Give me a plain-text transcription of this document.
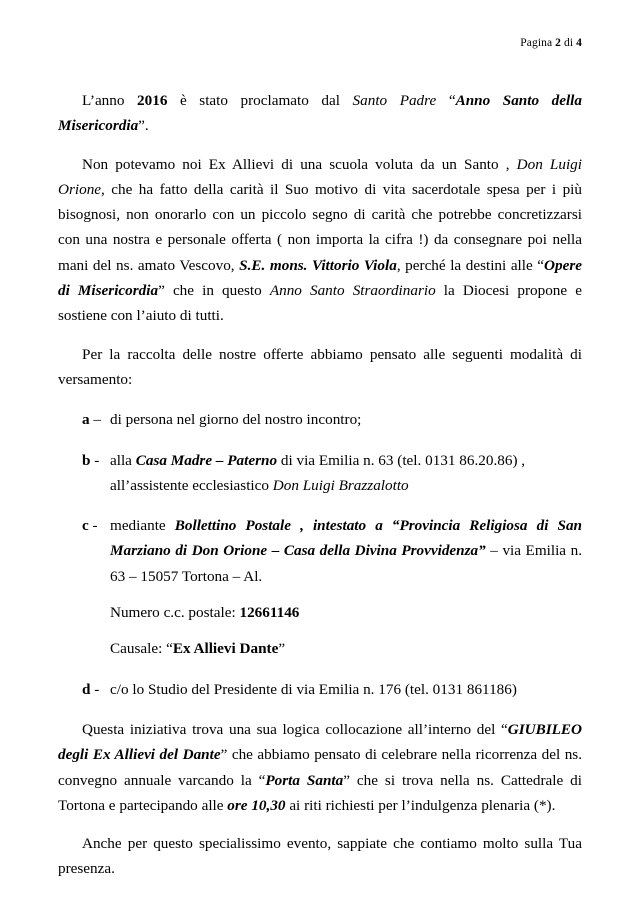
Pagina 2 di 4

L’anno 2016 è stato proclamato dal Santo Padre “Anno Santo della Misericordia”.

Non potevamo noi Ex Allievi di una scuola voluta da un Santo , Don Luigi Orione, che ha fatto della carità il Suo motivo di vita sacerdotale spesa per i più bisognosi, non onorarlo con un piccolo segno di carità che potrebbe concretizzarsi con una nostra e personale offerta ( non importa la cifra !) da consegnare poi nella mani del ns. amato Vescovo, S.E. mons. Vittorio Viola, perché la destini alle “Opere di Misericordia” che in questo Anno Santo Straordinario la Diocesi propone e sostiene con l’aiuto di tutti.

Per la raccolta delle nostre offerte abbiamo pensato alle seguenti modalità di versamento:

a – di persona nel giorno del nostro incontro;
b - alla Casa Madre – Paterno di via Emilia n. 63 (tel. 0131 86.20.86) , all’assistente ecclesiastico Don Luigi Brazzalotto
c - mediante Bollettino Postale , intestato a “Provincia Religiosa di San Marziano di Don Orione – Casa della Divina Provvidenza” – via Emilia n. 63 – 15057 Tortona – Al.
Numero c.c. postale: 12661146
Causale: “Ex Allievi Dante”
d - c/o lo Studio del Presidente di via Emilia n. 176 (tel. 0131 861186)

Questa iniziativa trova una sua logica collocazione all’interno del “GIUBILEO degli Ex Allievi del Dante” che abbiamo pensato di celebrare nella ricorrenza del ns. convegno annuale varcando la “Porta Santa” che si trova nella ns. Cattedrale di Tortona e partecipando alle ore 10,30 ai riti richiesti per l’indulgenza plenaria (*).

Anche per questo specialissimo evento, sappiate che contiamo molto sulla Tua presenza.
